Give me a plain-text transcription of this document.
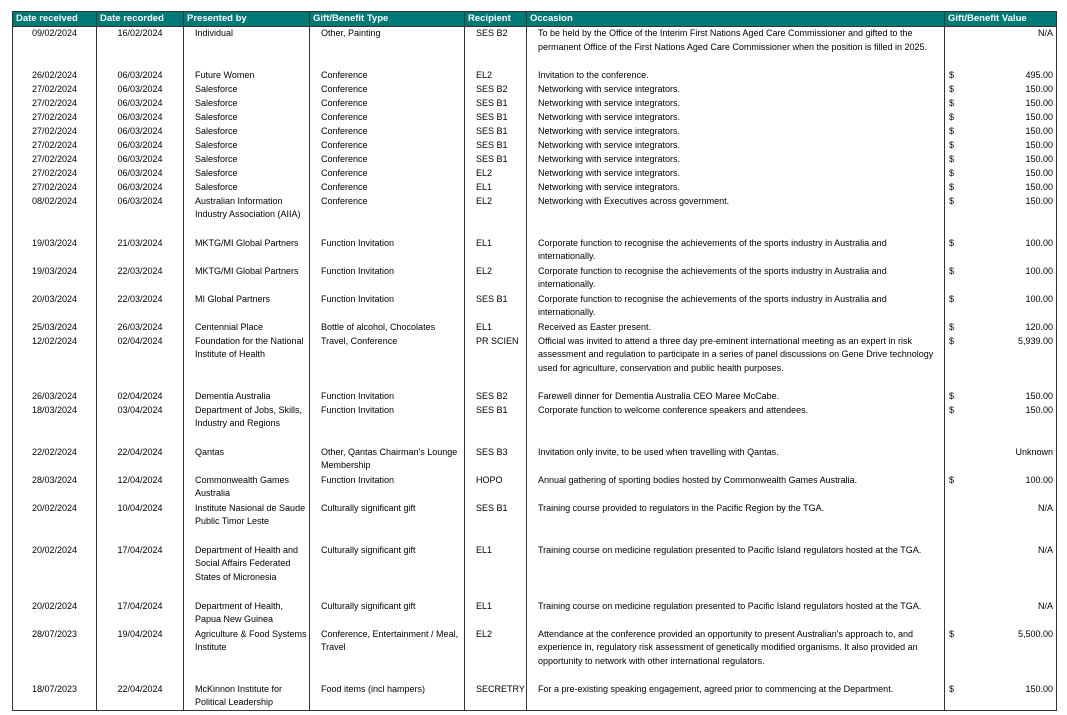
Date received	Date recorded	Presented by	Gift/Benefit Type	Recipient	Occasion	Gift/Benefit Value
09/02/2024	16/02/2024	Individual	Other, Painting	SES B2	To be held by the Office of the Interim First Nations Aged Care Commissioner and gifted to the permanent Office of the First Nations Aged Care Commissioner when the position is filled in 2025.	N/A

26/02/2024	06/03/2024	Future Women	Conference	EL2	Invitation to the conference.	$ 495.00

27/02/2024	06/03/2024	Salesforce	Conference	SES B2	Networking with service integrators.	$ 150.00

27/02/2024	06/03/2024	Salesforce	Conference	SES B1	Networking with service integrators.	$ 150.00

27/02/2024	06/03/2024	Salesforce	Conference	SES B1	Networking with service integrators.	$ 150.00

27/02/2024	06/03/2024	Salesforce	Conference	SES B1	Networking with service integrators.	$ 150.00

27/02/2024	06/03/2024	Salesforce	Conference	SES B1	Networking with service integrators.	$ 150.00

27/02/2024	06/03/2024	Salesforce	Conference	SES B1	Networking with service integrators.	$ 150.00

27/02/2024	06/03/2024	Salesforce	Conference	EL2	Networking with service integrators.	$ 150.00

27/02/2024	06/03/2024	Salesforce	Conference	EL1	Networking with service integrators.	$ 150.00

08/02/2024	06/03/2024	Australian Information Industry Association (AIIA)	Conference	EL2	Networking with Executives across government.	$ 150.00

19/03/2024	21/03/2024	MKTG/MI Global Partners	Function Invitation	EL1	Corporate function to recognise the achievements of the sports industry in Australia and internationally.	$ 100.00

19/03/2024	22/03/2024	MKTG/MI Global Partners	Function Invitation	EL2	Corporate function to recognise the achievements of the sports industry in Australia and internationally.	$ 100.00

20/03/2024	22/03/2024	MI Global Partners	Function Invitation	SES B1	Corporate function to recognise the achievements of the sports industry in Australia and internationally.	$ 100.00

25/03/2024	26/03/2024	Centennial Place	Bottle of alcohol, Chocolates	EL1	Received as Easter present.	$ 120.00

12/02/2024	02/04/2024	Foundation for the National Institute of Health	Travel, Conference	PR SCIEN	Official was invited to attend a three day pre-eminent international meeting as an expert in risk assessment and regulation to participate in a series of panel discussions on Gene Drive technology used for agriculture, conservation and public health purposes.	$ 5,939.00

26/03/2024	02/04/2024	Dementia Australia	Function Invitation	SES B2	Farewell dinner for Dementia Australia CEO Maree McCabe.	$ 150.00

18/03/2024	03/04/2024	Department of Jobs, Skills, Industry and Regions	Function Invitation	SES B1	Corporate function to welcome conference speakers and attendees.	$ 150.00

22/02/2024	22/04/2024	Qantas	Other, Qantas Chairman's Lounge Membership	SES B3	Invitation only invite, to be used when travelling with Qantas.	Unknown

28/03/2024	12/04/2024	Commonwealth Games Australia	Function Invitation	HOPO	Annual gathering of sporting bodies hosted by Commonwealth Games Australia.	$ 100.00

20/02/2024	10/04/2024	Institute Nasional de Saude Public Timor Leste	Culturally significant gift	SES B1	Training course provided to regulators in the Pacific Region by the TGA.	N/A

20/02/2024	17/04/2024	Department of Health and Social Affairs Federated States of Micronesia	Culturally significant gift	EL1	Training course on medicine regulation presented to Pacific Island regulators hosted at the TGA.	N/A

20/02/2024	17/04/2024	Department of Health, Papua New Guinea	Culturally significant gift	EL1	Training course on medicine regulation presented to Pacific Island regulators hosted at the TGA.	N/A

28/07/2023	19/04/2024	Agriculture & Food Systems Institute	Conference, Entertainment / Meal, Travel	EL2	Attendance at the conference provided an opportunity to present Australian's approach to, and experience in, regulatory risk assessment of genetically modified organisms. It also provided an opportunity to network with other international regulators.	$ 5,500.00

18/07/2023	22/04/2024	McKinnon Institute for Political Leadership	Food items (incl hampers)	SECRETRY	For a pre-existing speaking engagement, agreed prior to commencing at the Department.	$ 150.00
